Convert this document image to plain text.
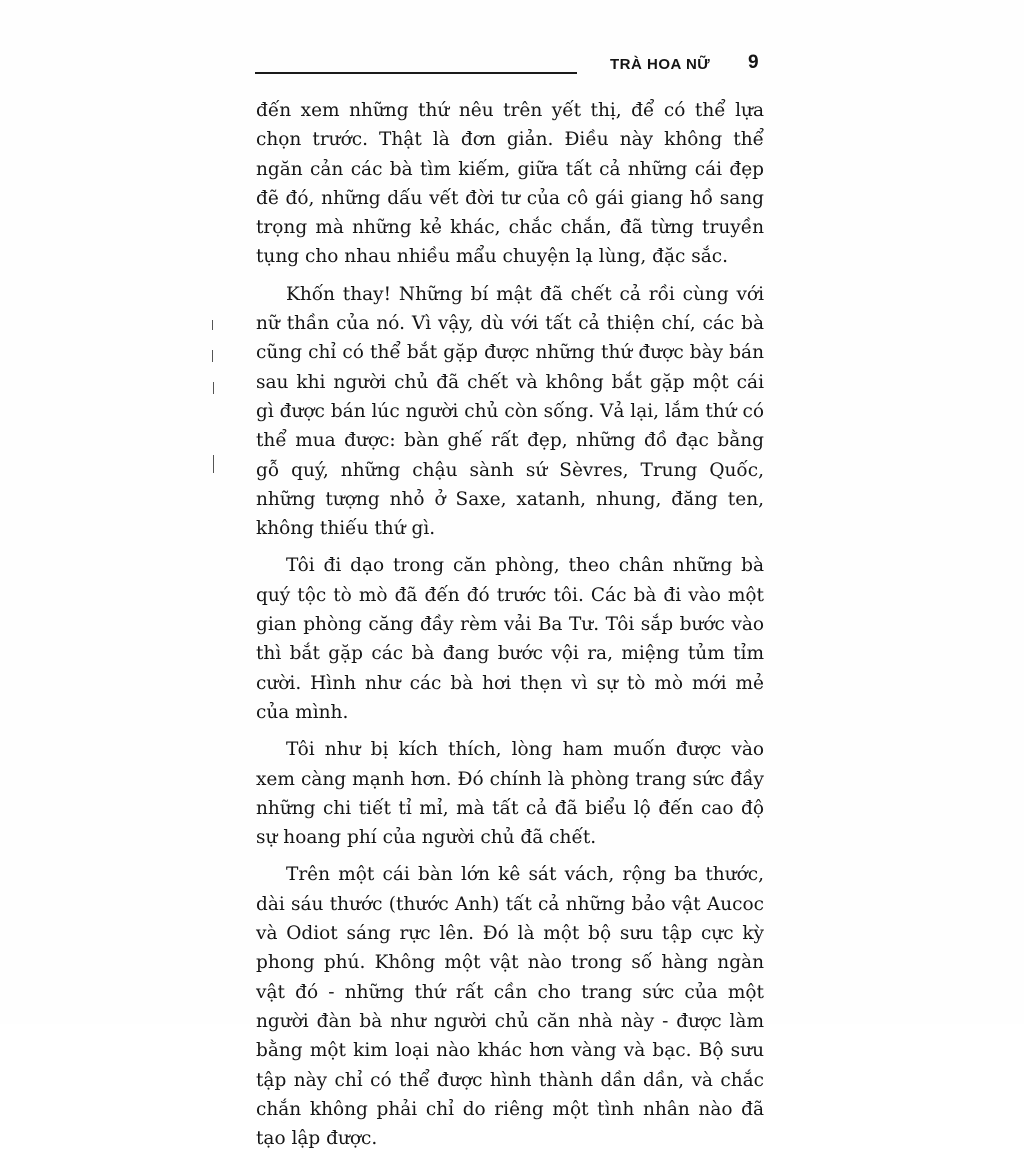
TRÀ HOA NỮ 9

đến xem những thứ nêu trên yết thị, để có thể lựa chọn trước. Thật là đơn giản. Điều này không thể ngăn cản các bà tìm kiếm, giữa tất cả những cái đẹp đẽ đó, những dấu vết đời tư của cô gái giang hồ sang trọng mà những kẻ khác, chắc chắn, đã từng truyền tụng cho nhau nhiều mẩu chuyện lạ lùng, đặc sắc.

Khốn thay! Những bí mật đã chết cả rồi cùng với nữ thần của nó. Vì vậy, dù với tất cả thiện chí, các bà cũng chỉ có thể bắt gặp được những thứ được bày bán sau khi người chủ đã chết và không bắt gặp một cái gì được bán lúc người chủ còn sống. Vả lại, lắm thứ có thể mua được: bàn ghế rất đẹp, những đồ đạc bằng gỗ quý, những chậu sành sứ Sèvres, Trung Quốc, những tượng nhỏ ở Saxe, xatanh, nhung, đăng ten, không thiếu thứ gì.

Tôi đi dạo trong căn phòng, theo chân những bà quý tộc tò mò đã đến đó trước tôi. Các bà đi vào một gian phòng căng đầy rèm vải Ba Tư. Tôi sắp bước vào thì bắt gặp các bà đang bước vội ra, miệng tủm tỉm cười. Hình như các bà hơi thẹn vì sự tò mò mới mẻ của mình.

Tôi như bị kích thích, lòng ham muốn được vào xem càng mạnh hơn. Đó chính là phòng trang sức đầy những chi tiết tỉ mỉ, mà tất cả đã biểu lộ đến cao độ sự hoang phí của người chủ đã chết.

Trên một cái bàn lớn kê sát vách, rộng ba thước, dài sáu thước (thước Anh) tất cả những bảo vật Aucoc và Odiot sáng rực lên. Đó là một bộ sưu tập cực kỳ phong phú. Không một vật nào trong số hàng ngàn vật đó - những thứ rất cần cho trang sức của một người đàn bà như người chủ căn nhà này - được làm bằng một kim loại nào khác hơn vàng và bạc. Bộ sưu tập này chỉ có thể được hình thành dần dần, và chắc chắn không phải chỉ do riêng một tình nhân nào đã tạo lập được.
